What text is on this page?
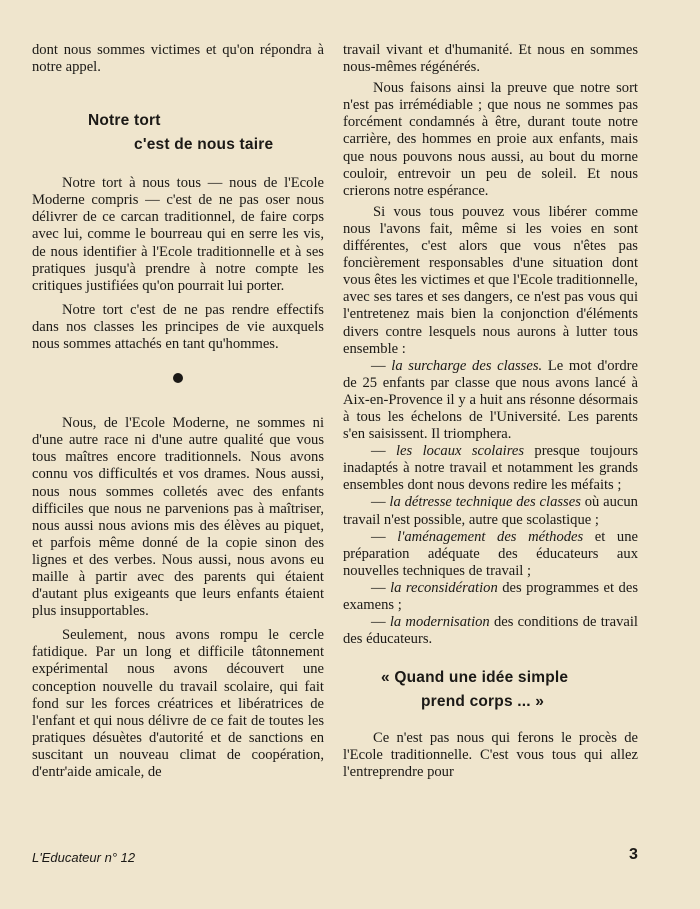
dont nous sommes victimes et qu'on répondra à notre appel.

Notre tort
c'est de nous taire

Notre tort à nous tous — nous de l'Ecole Moderne compris — c'est de ne pas oser nous délivrer de ce carcan traditionnel, de faire corps avec lui, comme le bourreau qui en serre les vis, de nous identifier à l'Ecole traditionnelle et à ses pratiques jusqu'à prendre à notre compte les critiques justifiées qu'on pourrait lui porter.

Notre tort c'est de ne pas rendre effectifs dans nos classes les principes de vie auxquels nous sommes attachés en tant qu'hommes.

Nous, de l'Ecole Moderne, ne sommes ni d'une autre race ni d'une autre qualité que vous tous maîtres encore traditionnels. Nous avons connu vos difficultés et vos drames. Nous aussi, nous nous sommes colletés avec des enfants difficiles que nous ne parvenions pas à maîtriser, nous aussi nous avions mis des élèves au piquet, et parfois même donné de la copie sinon des lignes et des verbes. Nous aussi, nous avons eu maille à partir avec des parents qui étaient d'autant plus exigeants que leurs enfants étaient plus insupportables.

Seulement, nous avons rompu le cercle fatidique. Par un long et difficile tâtonnement expérimental nous avons découvert une conception nouvelle du travail scolaire, qui fait fond sur les forces créatrices et libératrices de l'enfant et qui nous délivre de ce fait de toutes les pratiques désuètes d'autorité et de sanctions en suscitant un nouveau climat de coopération, d'entr'aide amicale, de

travail vivant et d'humanité. Et nous en sommes nous-mêmes régénérés.

Nous faisons ainsi la preuve que notre sort n'est pas irrémédiable ; que nous ne sommes pas forcément condamnés à être, durant toute notre carrière, des hommes en proie aux enfants, mais que nous pouvons nous aussi, au bout du morne couloir, entrevoir un peu de soleil. Et nous crierons notre espérance.

Si vous tous pouvez vous libérer comme nous l'avons fait, même si les voies en sont différentes, c'est alors que vous n'êtes pas foncièrement responsables d'une situation dont vous êtes les victimes et que l'Ecole traditionnelle, avec ses tares et ses dangers, ce n'est pas vous qui l'entretenez mais bien la conjonction d'éléments divers contre lesquels nous aurons à lutter tous ensemble :

— la surcharge des classes. Le mot d'ordre de 25 enfants par classe que nous avons lancé à Aix-en-Provence il y a huit ans résonne désormais à tous les échelons de l'Université. Les parents s'en saisissent. Il triomphera.

— les locaux scolaires presque toujours inadaptés à notre travail et notamment les grands ensembles dont nous devons redire les méfaits ;

— la détresse technique des classes où aucun travail n'est possible, autre que scolastique ;

— l'aménagement des méthodes et une préparation adéquate des éducateurs aux nouvelles techniques de travail ;

— la reconsidération des programmes et des examens ;

— la modernisation des conditions de travail des éducateurs.

« Quand une idée simple
prend corps ... »

Ce n'est pas nous qui ferons le procès de l'Ecole traditionnelle. C'est vous tous qui allez l'entreprendre pour

L'Educateur n° 12	3
